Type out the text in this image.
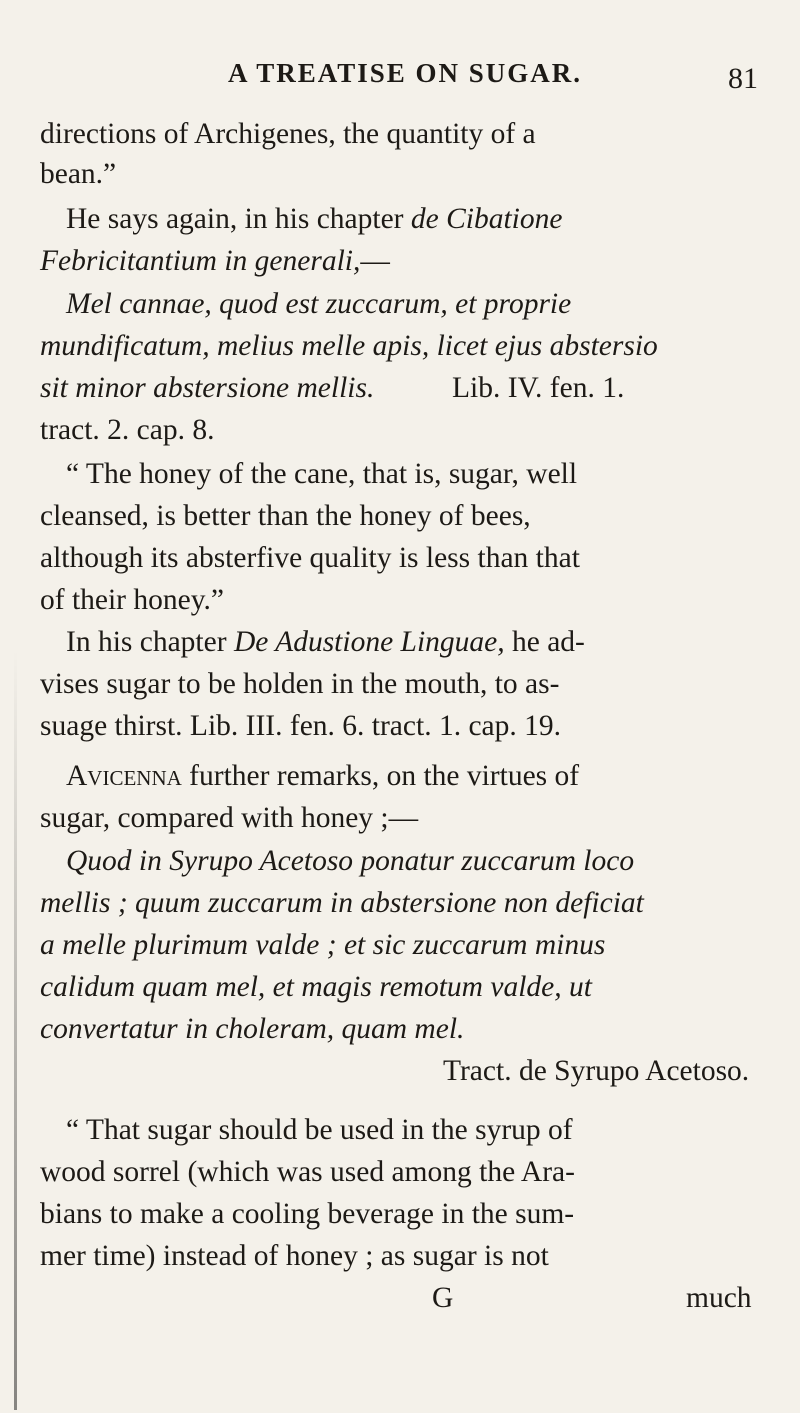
A TREATISE ON SUGAR.	81
directions of Archigenes, the quantity of a
bean.”
He says again, in his chapter de Cibatione
Febricitantium in generali,—
Mel cannae, quod est zuccarum, et proprie
mundificatum, melius melle apis, licet ejus abstersio
sit minor abstersione mellis.	Lib. IV. fen. 1.
tract. 2. cap. 8.
“ The honey of the cane, that is, sugar, well
cleansed, is better than the honey of bees,
although its absterfive quality is less than that
of their honey.”
In his chapter De Adustione Linguae, he ad-
vises sugar to be holden in the mouth, to as-
suage thirst. Lib. III. fen. 6. tract. 1. cap. 19.
Avicenna further remarks, on the virtues of
sugar, compared with honey ;—
Quod in Syrupo Acetoso ponatur zuccarum loco
mellis ; quum zuccarum in abstersione non deficiat
a melle plurimum valde ; et sic zuccarum minus
calidum quam mel, et magis remotum valde, ut
convertatur in choleram, quam mel.
Tract. de Syrupo Acetoso.
“ That sugar should be used in the syrup of
wood sorrel (which was used among the Ara-
bians to make a cooling beverage in the sum-
mer time) instead of honey ; as sugar is not
G	much
